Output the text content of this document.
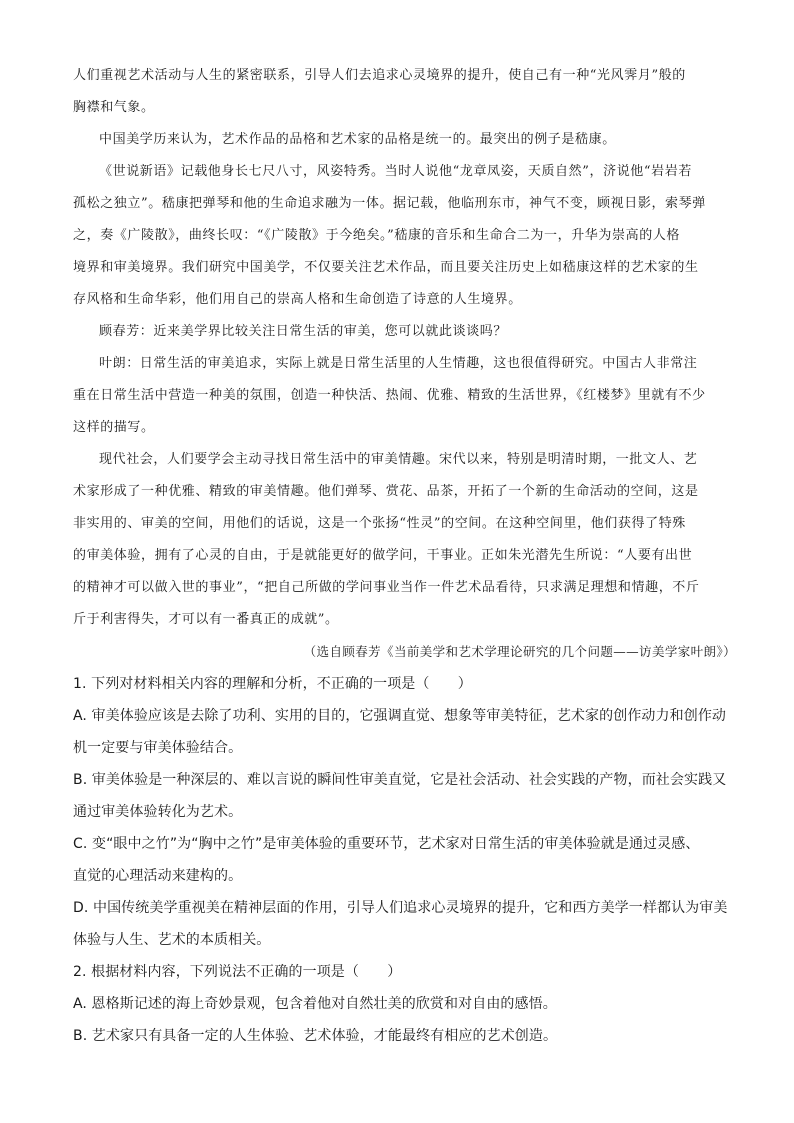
人们重视艺术活动与人生的紧密联系，引导人们去追求心灵境界的提升，使自己有一种“光风霁月”般的
胸襟和气象。
中国美学历来认为，艺术作品的品格和艺术家的品格是统一的。最突出的例子是嵇康。
《世说新语》记载他身长七尺八寸，风姿特秀。当时人说他“龙章凤姿，天质自然”，济说他“岩岩若
孤松之独立”。嵇康把弹琴和他的生命追求融为一体。据记载，他临刑东市，神气不变，顾视日影，索琴弹
之，奏《广陵散》，曲终长叹：“《广陵散》于今绝矣。”嵇康的音乐和生命合二为一，升华为崇高的人格
境界和审美境界。我们研究中国美学，不仅要关注艺术作品，而且要关注历史上如嵇康这样的艺术家的生
存风格和生命华彩，他们用自己的崇高人格和生命创造了诗意的人生境界。
顾春芳：近来美学界比较关注日常生活的审美，您可以就此谈谈吗？
叶朗：日常生活的审美追求，实际上就是日常生活里的人生情趣，这也很值得研究。中国古人非常注
重在日常生活中营造一种美的氛围，创造一种快活、热闹、优雅、精致的生活世界，《红楼梦》里就有不少
这样的描写。
现代社会，人们要学会主动寻找日常生活中的审美情趣。宋代以来，特别是明清时期，一批文人、艺
术家形成了一种优雅、精致的审美情趣。他们弹琴、赏花、品茶，开拓了一个新的生命活动的空间，这是
非实用的、审美的空间，用他们的话说，这是一个张扬“性灵”的空间。在这种空间里，他们获得了特殊
的审美体验，拥有了心灵的自由，于是就能更好的做学问，干事业。正如朱光潜先生所说：“人要有出世
的精神才可以做入世的事业”，“把自己所做的学问事业当作一件艺术品看待，只求满足理想和情趣，不斤
斤于利害得失，才可以有一番真正的成就”。
（选自顾春芳《当前美学和艺术学理论研究的几个问题——访美学家叶朗》）
1. 下列对材料相关内容的理解和分析，不正确的一项是（　　）
A. 审美体验应该是去除了功利、实用的目的，它强调直觉、想象等审美特征，艺术家的创作动力和创作动
机一定要与审美体验结合。
B. 审美体验是一种深层的、难以言说的瞬间性审美直觉，它是社会活动、社会实践的产物，而社会实践又
通过审美体验转化为艺术。
C. 变“眼中之竹”为“胸中之竹”是审美体验的重要环节，艺术家对日常生活的审美体验就是通过灵感、
直觉的心理活动来建构的。
D. 中国传统美学重视美在精神层面的作用，引导人们追求心灵境界的提升，它和西方美学一样都认为审美
体验与人生、艺术的本质相关。
2. 根据材料内容，下列说法不正确的一项是（　　）
A. 恩格斯记述的海上奇妙景观，包含着他对自然壮美的欣赏和对自由的感悟。
B. 艺术家只有具备一定的人生体验、艺术体验，才能最终有相应的艺术创造。
